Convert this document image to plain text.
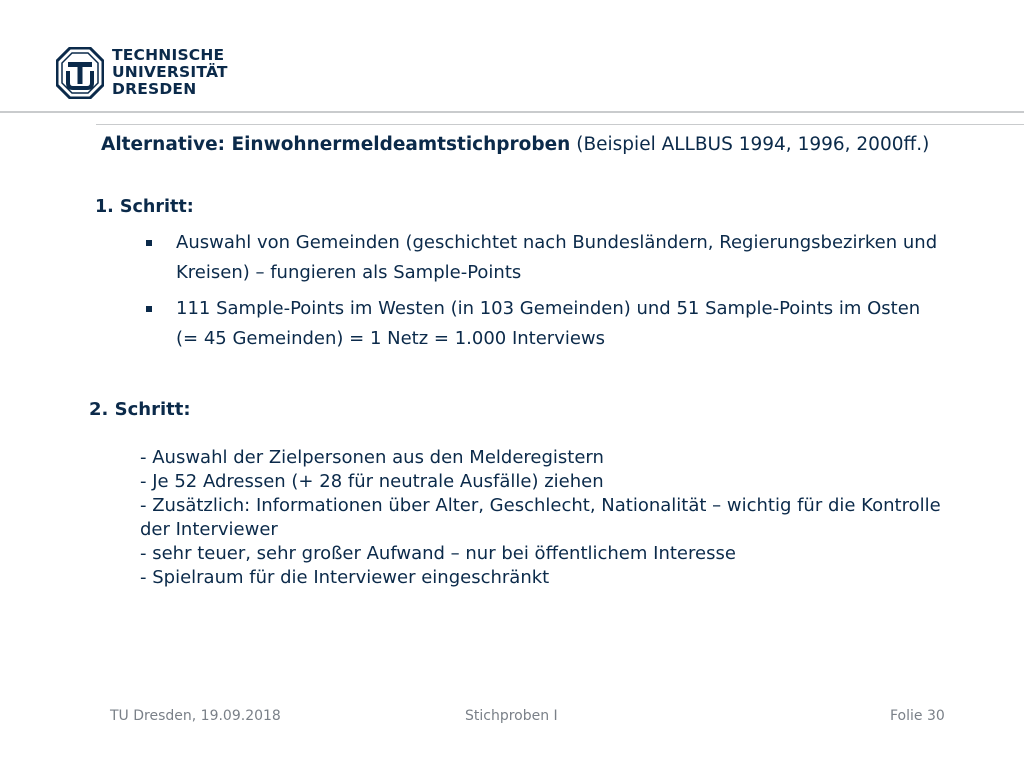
TECHNISCHE
UNIVERSITÄT
DRESDEN
Alternative: Einwohnermeldeamtstichproben (Beispiel ALLBUS 1994, 1996, 2000ff.)
1. Schritt:
Auswahl von Gemeinden (geschichtet nach Bundesländern, Regierungsbezirken und Kreisen) – fungieren als Sample-Points
111 Sample-Points im Westen (in 103 Gemeinden) und 51 Sample-Points im Osten (= 45 Gemeinden) = 1 Netz = 1.000 Interviews
2. Schritt:
- Auswahl der Zielpersonen aus den Melderegistern
- Je 52 Adressen (+ 28 für neutrale Ausfälle) ziehen
- Zusätzlich: Informationen über Alter, Geschlecht, Nationalität – wichtig für die Kontrolle der Interviewer
- sehr teuer, sehr großer Aufwand – nur bei öffentlichem Interesse
- Spielraum für die Interviewer eingeschränkt
TU Dresden, 19.09.2018	Stichproben I	Folie 30
